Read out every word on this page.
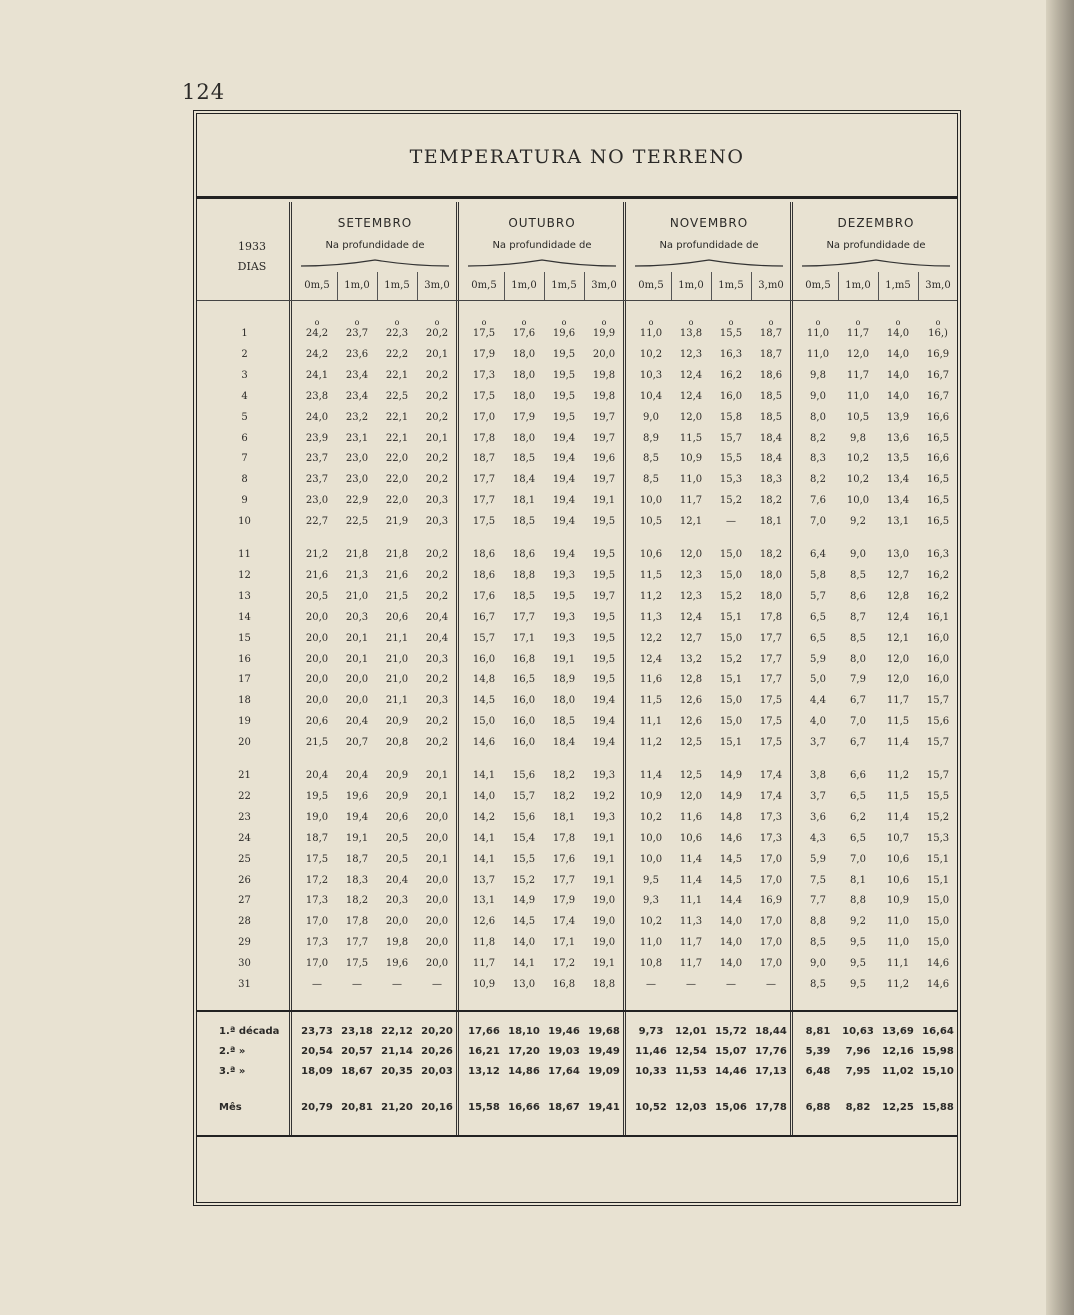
124
TEMPERATURA NO TERRENO
1933
DIAS
SETEMBRO
Na profundidade de
0m,5	1m,0	1m,5	3m,0
o	o	o	o
OUTUBRO
Na profundidade de
0m,5	1m,0	1m,5	3m,0
o	o	o	o
NOVEMBRO
Na profundidade de
0m,5	1m,0	1m,5	3,m0
o	o	o	o
DEZEMBRO
Na profundidade de
0m,5	1m,0	1,m5	3m,0
o	o	o	o
1	24,2	23,7	22,3	20,2	17,5	17,6	19,6	19,9	11,0	13,8	15,5	18,7	11,0	11,7	14,0	16,)
2	24,2	23,6	22,2	20,1	17,9	18,0	19,5	20,0	10,2	12,3	16,3	18,7	11,0	12,0	14,0	16,9
3	24,1	23,4	22,1	20,2	17,3	18,0	19,5	19,8	10,3	12,4	16,2	18,6	9,8	11,7	14,0	16,7
4	23,8	23,4	22,5	20,2	17,5	18,0	19,5	19,8	10,4	12,4	16,0	18,5	9,0	11,0	14,0	16,7
5	24,0	23,2	22,1	20,2	17,0	17,9	19,5	19,7	9,0	12,0	15,8	18,5	8,0	10,5	13,9	16,6
6	23,9	23,1	22,1	20,1	17,8	18,0	19,4	19,7	8,9	11,5	15,7	18,4	8,2	9,8	13,6	16,5
7	23,7	23,0	22,0	20,2	18,7	18,5	19,4	19,6	8,5	10,9	15,5	18,4	8,3	10,2	13,5	16,6
8	23,7	23,0	22,0	20,2	17,7	18,4	19,4	19,7	8,5	11,0	15,3	18,3	8,2	10,2	13,4	16,5
9	23,0	22,9	22,0	20,3	17,7	18,1	19,4	19,1	10,0	11,7	15,2	18,2	7,6	10,0	13,4	16,5
10	22,7	22,5	21,9	20,3	17,5	18,5	19,4	19,5	10,5	12,1	—	18,1	7,0	9,2	13,1	16,5
11	21,2	21,8	21,8	20,2	18,6	18,6	19,4	19,5	10,6	12,0	15,0	18,2	6,4	9,0	13,0	16,3
12	21,6	21,3	21,6	20,2	18,6	18,8	19,3	19,5	11,5	12,3	15,0	18,0	5,8	8,5	12,7	16,2
13	20,5	21,0	21,5	20,2	17,6	18,5	19,5	19,7	11,2	12,3	15,2	18,0	5,7	8,6	12,8	16,2
14	20,0	20,3	20,6	20,4	16,7	17,7	19,3	19,5	11,3	12,4	15,1	17,8	6,5	8,7	12,4	16,1
15	20,0	20,1	21,1	20,4	15,7	17,1	19,3	19,5	12,2	12,7	15,0	17,7	6,5	8,5	12,1	16,0
16	20,0	20,1	21,0	20,3	16,0	16,8	19,1	19,5	12,4	13,2	15,2	17,7	5,9	8,0	12,0	16,0
17	20,0	20,0	21,0	20,2	14,8	16,5	18,9	19,5	11,6	12,8	15,1	17,7	5,0	7,9	12,0	16,0
18	20,0	20,0	21,1	20,3	14,5	16,0	18,0	19,4	11,5	12,6	15,0	17,5	4,4	6,7	11,7	15,7
19	20,6	20,4	20,9	20,2	15,0	16,0	18,5	19,4	11,1	12,6	15,0	17,5	4,0	7,0	11,5	15,6
20	21,5	20,7	20,8	20,2	14,6	16,0	18,4	19,4	11,2	12,5	15,1	17,5	3,7	6,7	11,4	15,7
21	20,4	20,4	20,9	20,1	14,1	15,6	18,2	19,3	11,4	12,5	14,9	17,4	3,8	6,6	11,2	15,7
22	19,5	19,6	20,9	20,1	14,0	15,7	18,2	19,2	10,9	12,0	14,9	17,4	3,7	6,5	11,5	15,5
23	19,0	19,4	20,6	20,0	14,2	15,6	18,1	19,3	10,2	11,6	14,8	17,3	3,6	6,2	11,4	15,2
24	18,7	19,1	20,5	20,0	14,1	15,4	17,8	19,1	10,0	10,6	14,6	17,3	4,3	6,5	10,7	15,3
25	17,5	18,7	20,5	20,1	14,1	15,5	17,6	19,1	10,0	11,4	14,5	17,0	5,9	7,0	10,6	15,1
26	17,2	18,3	20,4	20,0	13,7	15,2	17,7	19,1	9,5	11,4	14,5	17,0	7,5	8,1	10,6	15,1
27	17,3	18,2	20,3	20,0	13,1	14,9	17,9	19,0	9,3	11,1	14,4	16,9	7,7	8,8	10,9	15,0
28	17,0	17,8	20,0	20,0	12,6	14,5	17,4	19,0	10,2	11,3	14,0	17,0	8,8	9,2	11,0	15,0
29	17,3	17,7	19,8	20,0	11,8	14,0	17,1	19,0	11,0	11,7	14,0	17,0	8,5	9,5	11,0	15,0
30	17,0	17,5	19,6	20,0	11,7	14,1	17,2	19,1	10,8	11,7	14,0	17,0	9,0	9,5	11,1	14,6
31	—	—	—	—	10,9	13,0	16,8	18,8	—	—	—	—	8,5	9,5	11,2	14,6
1.ª década	23,73 23,18 22,12 20,20	17,66 18,10 19,46 19,68	9,73	12,01 15,72 18,44	8,81	10,63 13,69 16,64
2.ª »	20,54 20,57 21,14 20,26	16,21 17,20 19,03 19,49	11,46 12,54 15,07 17,76	5,39	7,96	12,16 15,98
3.ª »	18,09 18,67 20,35 20,03	13,12 14,86 17,64 19,09	10,33 11,53 14,46 17,13	6,48	7,95	11,02 15,10
Mês	20,79 20,81 21,20 20,16	15,58 16,66 18,67 19,41	10,52 12,03 15,06 17,78	6,88	8,82	12,25 15,88
